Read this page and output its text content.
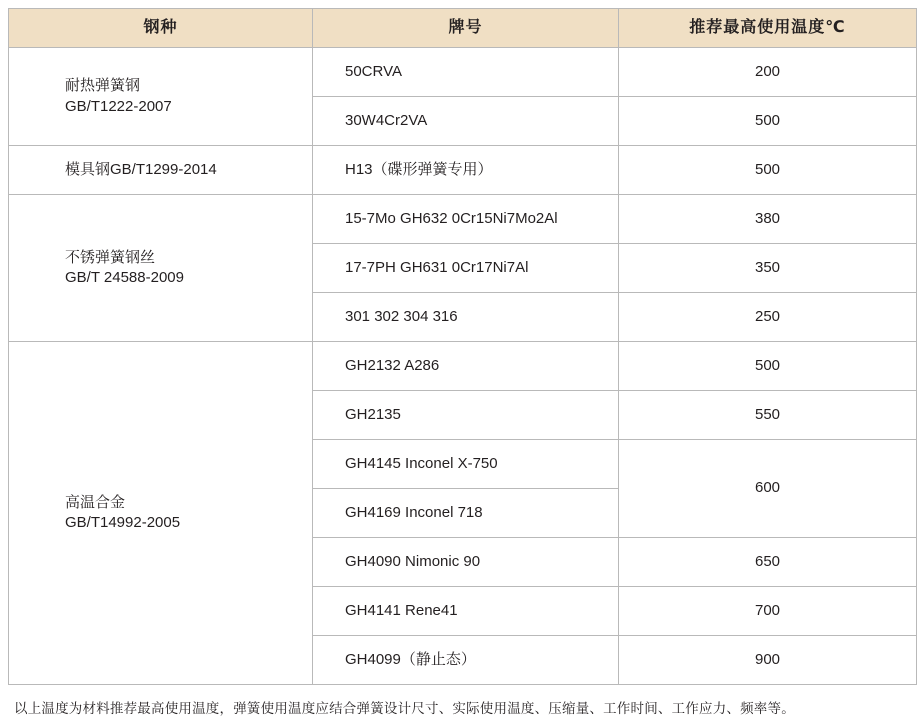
钢种	牌号	推荐最高使用温度℃

耐热弹簧钢
GB/T1222-2007	50CRVA	200
	30W4Cr2VA	500

模具钢GB/T1299-2014	H13（碟形弹簧专用）	500

不锈弹簧钢丝
GB/T 24588-2009	15-7Mo GH632 0Cr15Ni7Mo2Al	380
	17-7PH GH631 0Cr17Ni7Al	350
	301 302 304 316	250

高温合金
GB/T14992-2005	GH2132 A286	500
	GH2135	550
	GH4145 Inconel X-750	600
	GH4169 Inconel 718	
	GH4090 Nimonic 90	650
	GH4141 Rene41	700
	GH4099（静止态）	900
以上温度为材料推荐最高使用温度，弹簧使用温度应结合弹簧设计尺寸、实际使用温度、压缩量、工作时间、工作应力、频率等。
